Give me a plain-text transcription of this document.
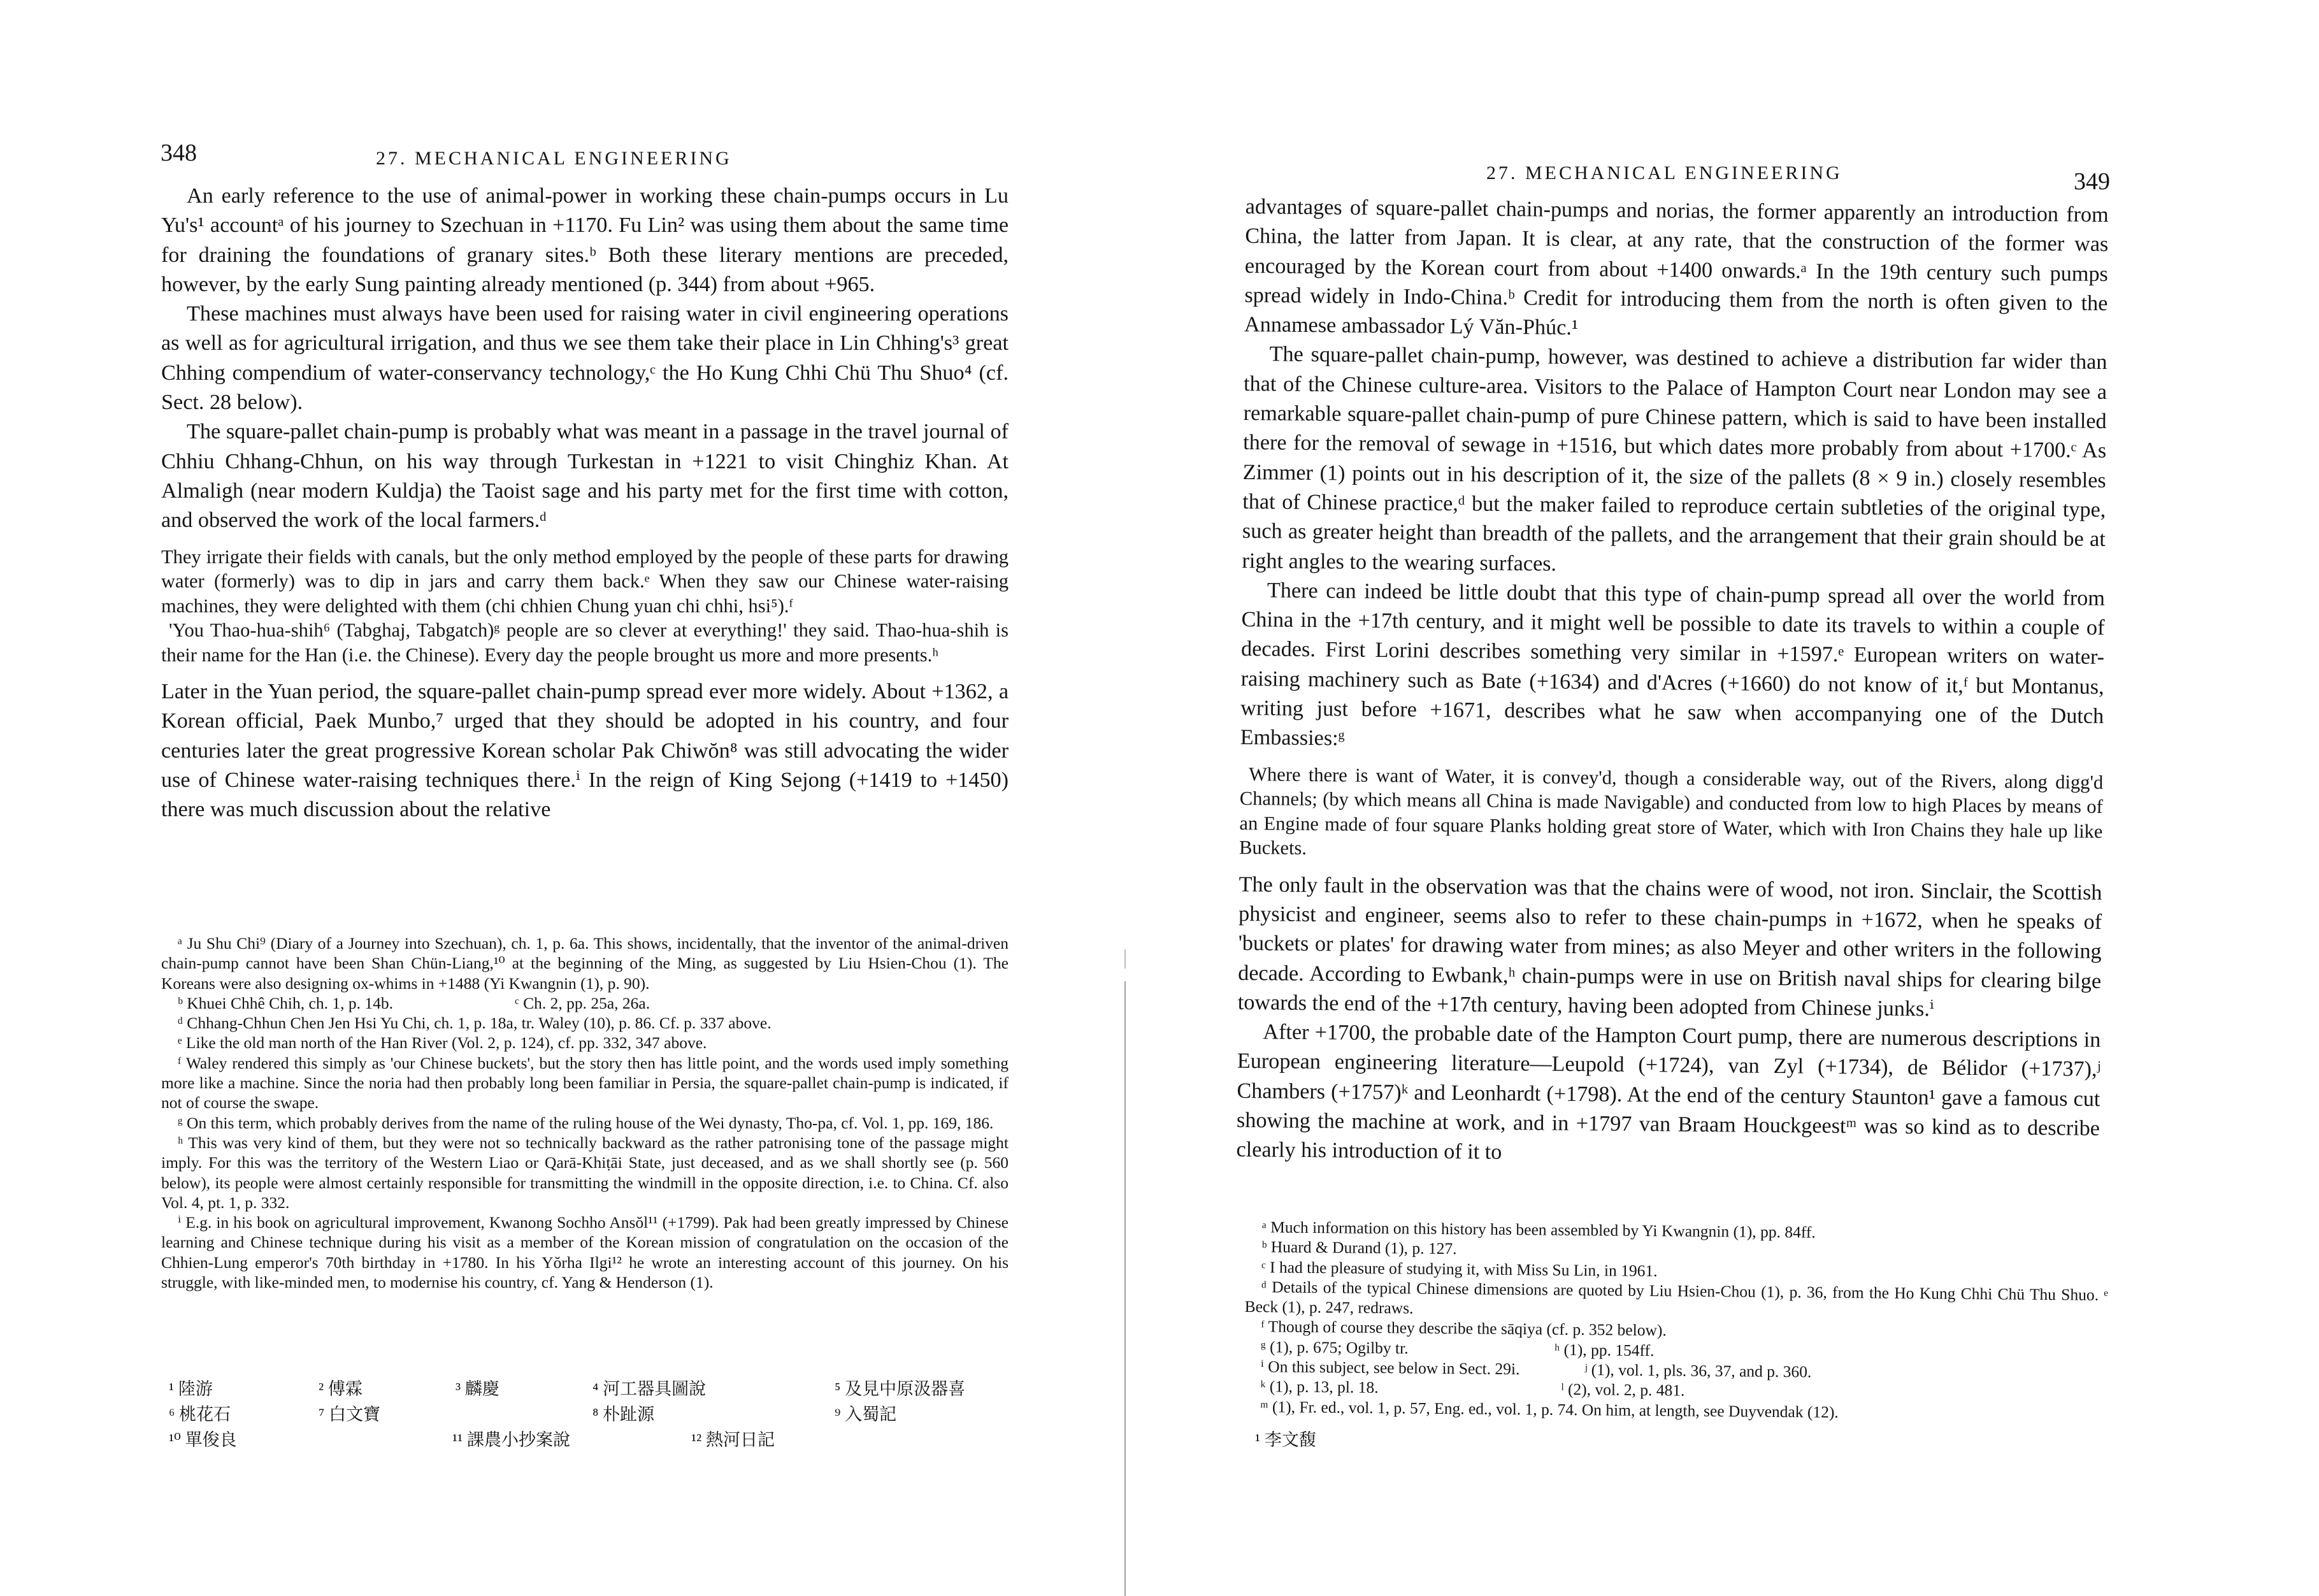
348	27. MECHANICAL ENGINEERING

An early reference to the use of animal-power in working these chain-pumps occurs in Lu Yu's¹ accountᵃ of his journey to Szechuan in +1170. Fu Lin² was using them about the same time for draining the foundations of granary sites.ᵇ Both these literary mentions are preceded, however, by the early Sung painting already mentioned (p. 344) from about +965.

These machines must always have been used for raising water in civil engineering operations as well as for agricultural irrigation, and thus we see them take their place in Lin Chhing's³ great Chhing compendium of water-conservancy technology,ᶜ the Ho Kung Chhi Chü Thu Shuo⁴ (cf. Sect. 28 below).

The square-pallet chain-pump is probably what was meant in a passage in the travel journal of Chhiu Chhang-Chhun, on his way through Turkestan in +1221 to visit Chinghiz Khan. At Almaligh (near modern Kuldja) the Taoist sage and his party met for the first time with cotton, and observed the work of the local farmers.ᵈ

They irrigate their fields with canals, but the only method employed by the people of these parts for drawing water (formerly) was to dip in jars and carry them back.ᵉ When they saw our Chinese water-raising machines, they were delighted with them (chi chhien Chung yuan chi chhi, hsi⁵).ᶠ

'You Thao-hua-shih⁶ (Tabghaj, Tabgatch)ᵍ people are so clever at everything!' they said. Thao-hua-shih is their name for the Han (i.e. the Chinese). Every day the people brought us more and more presents.ʰ

Later in the Yuan period, the square-pallet chain-pump spread ever more widely. About +1362, a Korean official, Paek Munbo,⁷ urged that they should be adopted in his country, and four centuries later the great progressive Korean scholar Pak Chiwŏn⁸ was still advocating the wider use of Chinese water-raising techniques there.ⁱ In the reign of King Sejong (+1419 to +1450) there was much discussion about the relative

ᵃ Ju Shu Chi⁹ (Diary of a Journey into Szechuan), ch. 1, p. 6a. This shows, incidentally, that the inventor of the animal-driven chain-pump cannot have been Shan Chün-Liang,¹⁰ at the beginning of the Ming, as suggested by Liu Hsien-Chou (1). The Koreans were also designing ox-whims in +1488 (Yi Kwangnin (1), p. 90).

ᵇ Khuei Chhê Chih, ch. 1, p. 14b.                              ᶜ Ch. 2, pp. 25a, 26a.

ᵈ Chhang-Chhun Chen Jen Hsi Yu Chi, ch. 1, p. 18a, tr. Waley (10), p. 86. Cf. p. 337 above.

ᵉ Like the old man north of the Han River (Vol. 2, p. 124), cf. pp. 332, 347 above.

ᶠ Waley rendered this simply as 'our Chinese buckets', but the story then has little point, and the words used imply something more like a machine. Since the noria had then probably long been familiar in Persia, the square-pallet chain-pump is indicated, if not of course the swape.

ᵍ On this term, which probably derives from the name of the ruling house of the Wei dynasty, Tho-pa, cf. Vol. 1, pp. 169, 186.

ʰ This was very kind of them, but they were not so technically backward as the rather patronising tone of the passage might imply. For this was the territory of the Western Liao or Qarā-Khiṭāi State, just deceased, and as we shall shortly see (p. 560 below), its people were almost certainly responsible for transmitting the windmill in the opposite direction, i.e. to China. Cf. also Vol. 4, pt. 1, p. 332.

ⁱ E.g. in his book on agricultural improvement, Kwanong Sochho Ansŏl¹¹ (+1799). Pak had been greatly impressed by Chinese learning and Chinese technique during his visit as a member of the Korean mission of congratulation on the occasion of the Chhien-Lung emperor's 70th birthday in +1780. In his Yŏrha Ilgi¹² he wrote an interesting account of this journey. On his struggle, with like-minded men, to modernise his country, cf. Yang & Henderson (1).

¹ 陸游	² 傅霖	³ 麟慶	⁴ 河工器具圖說	⁵ 及見中原汲器喜
⁶ 桃花石	⁷ 白文寶	⁸ 朴趾源	⁹ 入蜀記
¹⁰ 單俊良	¹¹ 課農小抄案說	¹² 熱河日記
27. MECHANICAL ENGINEERING	349

advantages of square-pallet chain-pumps and norias, the former apparently an introduction from China, the latter from Japan. It is clear, at any rate, that the construction of the former was encouraged by the Korean court from about +1400 onwards.ᵃ In the 19th century such pumps spread widely in Indo-China.ᵇ Credit for introducing them from the north is often given to the Annamese ambassador Lý Văn-Phúc.¹

The square-pallet chain-pump, however, was destined to achieve a distribution far wider than that of the Chinese culture-area. Visitors to the Palace of Hampton Court near London may see a remarkable square-pallet chain-pump of pure Chinese pattern, which is said to have been installed there for the removal of sewage in +1516, but which dates more probably from about +1700.ᶜ As Zimmer (1) points out in his description of it, the size of the pallets (8 × 9 in.) closely resembles that of Chinese practice,ᵈ but the maker failed to reproduce certain subtleties of the original type, such as greater height than breadth of the pallets, and the arrangement that their grain should be at right angles to the wearing surfaces.

There can indeed be little doubt that this type of chain-pump spread all over the world from China in the +17th century, and it might well be possible to date its travels to within a couple of decades. First Lorini describes something very similar in +1597.ᵉ European writers on water-raising machinery such as Bate (+1634) and d'Acres (+1660) do not know of it,ᶠ but Montanus, writing just before +1671, describes what he saw when accompanying one of the Dutch Embassies:ᵍ

Where there is want of Water, it is convey'd, though a considerable way, out of the Rivers, along digg'd Channels; (by which means all China is made Navigable) and conducted from low to high Places by means of an Engine made of four square Planks holding great store of Water, which with Iron Chains they hale up like Buckets.

The only fault in the observation was that the chains were of wood, not iron. Sinclair, the Scottish physicist and engineer, seems also to refer to these chain-pumps in +1672, when he speaks of 'buckets or plates' for drawing water from mines; as also Meyer and other writers in the following decade. According to Ewbank,ʰ chain-pumps were in use on British naval ships for clearing bilge towards the end of the +17th century, having been adopted from Chinese junks.ⁱ

After +1700, the probable date of the Hampton Court pump, there are numerous descriptions in European engineering literature—Leupold (+1724), van Zyl (+1734), de Bélidor (+1737),ʲ Chambers (+1757)ᵏ and Leonhardt (+1798). At the end of the century Staunton¹ gave a famous cut showing the machine at work, and in +1797 van Braam Houckgeestᵐ was so kind as to describe clearly his introduction of it to

ᵃ Much information on this history has been assembled by Yi Kwangnin (1), pp. 84ff.

ᵇ Huard & Durand (1), p. 127.

ᶜ I had the pleasure of studying it, with Miss Su Lin, in 1961.

ᵈ Details of the typical Chinese dimensions are quoted by Liu Hsien-Chou (1), p. 36, from the Ho Kung Chhi Chü Thu Shuo. ᵉ Beck (1), p. 247, redraws.

ᶠ Though of course they describe the sāqiya (cf. p. 352 below).

ᵍ (1), p. 675; Ogilby tr.                                    ʰ (1), pp. 154ff.

ⁱ On this subject, see below in Sect. 29i.                ʲ (1), vol. 1, pls. 36, 37, and p. 360.

ᵏ (1), p. 13, pl. 18.                                             ˡ (2), vol. 2, p. 481.

ᵐ (1), Fr. ed., vol. 1, p. 57, Eng. ed., vol. 1, p. 74. On him, at length, see Duyvendak (12).

¹ 李文馥
